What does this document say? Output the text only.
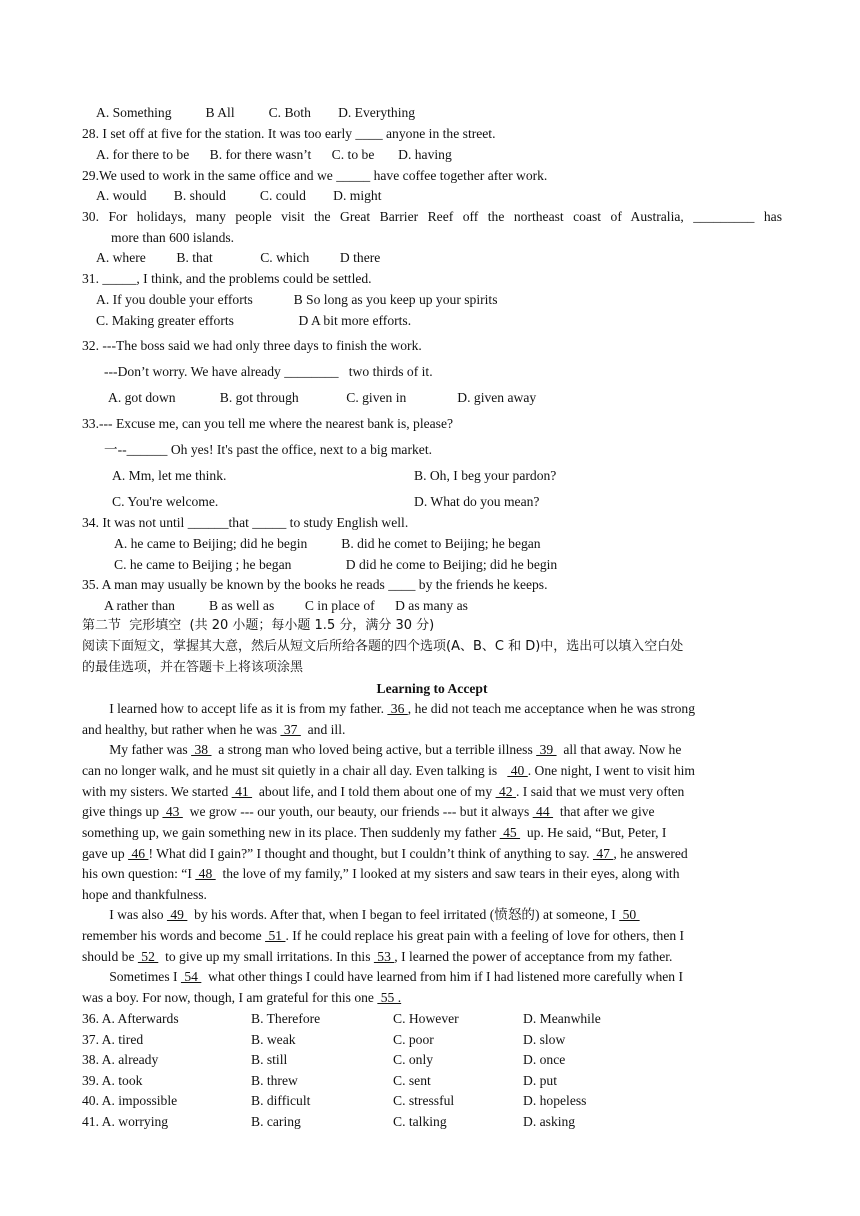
A. Something          B All          C. Both        D. Everything
28. I set off at five for the station. It was too early ____ anyone in the street.
A. for there to be      B. for there wasn’t      C. to be       D. having
29.We used to work in the same office and we _____ have coffee together after work.
A. would        B. should          C. could        D. might
30. For holidays, many people visit the Great Barrier Reef off the northeast coast of Australia, _________ has
more than 600 islands.
A. where         B. that              C. which         D there
31. _____, I think, and the problems could be settled.
A. If you double your efforts            B So long as you keep up your spirits
C. Making greater efforts                   D A bit more efforts.
32. ---The boss said we had only three days to finish the work.
---Don’t worry. We have already ________   two thirds of it.
A. got down             B. got through              C. given in               D. given away
33.--- Excuse me, can you tell me where the nearest bank is, please?
一--______ Oh yes! It's past the office, next to a big market.
A. Mm, let me think.	B. Oh, I beg your pardon?
C. You're welcome.	D. What do you mean?
34. It was not until ______that _____ to study English well.
A. he came to Beijing; did he begin          B. did he comet to Beijing; he began
C. he came to Beijing ; he began                D did he come to Beijing; did he begin
35. A man may usually be known by the books he reads ____ by the friends he keeps.
A rather than          B as well as         C in place of      D as many as
第二节  完形填空  (共 20 小题；每小题 1.5 分，满分 30 分)
阅读下面短文，掌握其大意，然后从短文后所给各题的四个选项(A、B、C 和 D)中，选出可以填入空白处
的最佳选项，并在答题卡上将该项涂黑
Learning to Accept
I learned how to accept life as it is from my father.  36 , he did not teach me acceptance when he was strong
and healthy, but rather when he was  37   and ill.
My father was  38   a strong man who loved being active, but a terrible illness  39   all that away. Now he
can no longer walk, and he must sit quietly in a chair all day. Even talking is    40 . One night, I went to visit him
with my sisters. We started  41   about life, and I told them about one of my  42 . I said that we must very often
give things up  43   we grow --- our youth, our beauty, our friends --- but it always  44   that after we give
something up, we gain something new in its place. Then suddenly my father  45   up. He said, “But, Peter, I
gave up  46 ! What did I gain?” I thought and thought, but I couldn’t think of anything to say.  47 , he answered
his own question: “I  48   the love of my family,” I looked at my sisters and saw tears in their eyes, along with
hope and thankfulness.
I was also  49   by his words. After that, when I began to feel irritated (愤怒的) at someone, I  50
remember his words and become  51 . If he could replace his great pain with a feeling of love for others, then I
should be  52   to give up my small irritations. In this  53 , I learned the power of acceptance from my father.
Sometimes I  54   what other things I could have learned from him if I had listened more carefully when I
was a boy. For now, though, I am grateful for this one  55 .
36. A. Afterwards	B. Therefore	C. However	D. Meanwhile
37. A. tired	B. weak	C. poor	D. slow
38. A. already	B. still	C. only	D. once
39. A. took	B. threw	C. sent	D. put
40. A. impossible	B. difficult	C. stressful	D. hopeless
41. A. worrying	B. caring	C. talking	D. asking
